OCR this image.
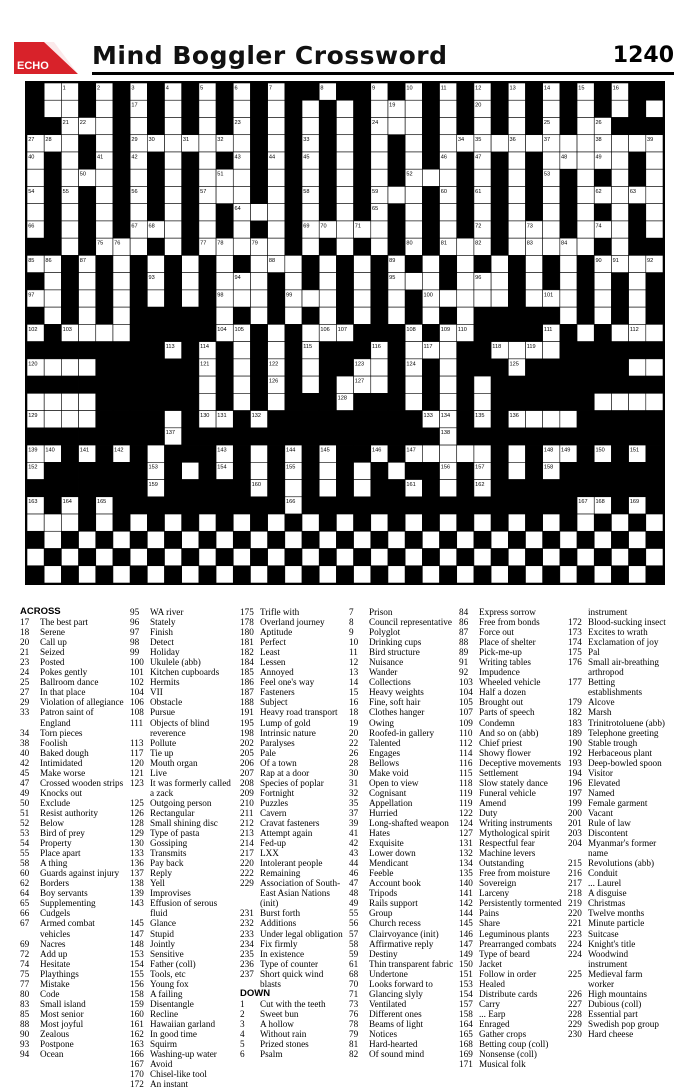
ECHO Mind Boggler Crossword	1240
1	2	3	4	5	6	7	8	9	10	11	12	13	14	15	16
17	19	20
21 22	23	24	25	26
27 28	29 30	31	32	33	34 35	36	37	38	39
40	41	42	43	44	45	46	47	48	49
50	51	52	53
54	55	56	57	58	59	60	61	62	63
64	65
66	67 68	69 70	71	72	73	74
75 76	77 78	79	80	81	82	83	84
85 86	87	88	89	90 91	92
93	94	95	96
97	98	99	100	101
102	103	104 105	106 107	108	109 110	111	112
113	114	115	116	117	118	119
120	121	122	123	124	125
126	127
128
129	130 131	132	133 134	135	136
137	138
139 140	141	142	143	144	145	146	147	148 149	150	151
152	153	154	155	156	157	158
159	160	161	162
163	164	165	166	167 168	169
ACROSS
17	The best part
18	Serene
20	Call up
21	Seized
23	Posted
24	Pokes gently
25	Ballroom dance
27	In that place
29	Violation of allegiance
33	Patron saint of England
34	Torn pieces
38	Foolish
40	Baked dough
42	Intimidated
45	Make worse
47	Crossed wooden strips
49	Knocks out
50	Exclude
51	Resist authority
52	Below
53	Bird of prey
54	Property
55	Place apart
58	A thing
60	Guards against injury
62	Borders
64	Boy servants
65	Supplementing
66	Cudgels
67	Armed combat vehicles
69	Nacres
72	Add up
74	Hesitate
75	Playthings
77	Mistake
80	Code
83	Small island
85	Most senior
88	Most joyful
90	Zealous
93	Postpone
94	Ocean
95	WA river
96	Stately
97	Finish
98	Detect
99	Holiday
100 Ukulele (abb)
101 Kitchen cupboards
102 Hermits
104 VII
106 Obstacle
108 Pursue
111 Objects of blind reverence
113 Pollute
117 Tie up
120 Mouth organ
121 Live
123 It was formerly called a zack
125 Outgoing person
126 Rectangular
128 Small shining disc
129 Type of pasta
130 Gossiping
133 Transmits
136 Pay back
137 Reply
138 Yell
139 Improvises
143 Effusion of serous fluid
145 Glance
147 Stupid
148 Jointly
153 Sensitive
154 Father (coll)
155 Tools, etc
156 Young fox
158 A failing
159 Disentangle
160 Recline
161 Hawaiian garland
162 In good time
163 Squirm
166 Washing-up water
167 Avoid
170 Chisel-like tool
172 An instant
175 Trifle with
178 Overland journey
180 Aptitude
181 Perfect
182 Least
184 Lessen
185 Annoyed
186 Feel one's way
187 Fasteners
188 Subject
191 Heavy road transport
195 Lump of gold
198 Intrinsic nature
202 Paralyses
205 Pale
206 Of a town
207 Rap at a door
208 Species of poplar
209 Fortnight
210 Puzzles
211 Cavern
212 Cravat fasteners
213 Attempt again
214 Fed-up
217 LXX
220 Intolerant people
222 Remaining
229 Association of South-East Asian Nations (init)
231 Burst forth
232 Additions
233 Under legal obligation
234 Fix firmly
235 In existence
236 Type of counter
237 Short quick wind blasts
DOWN
1	Cut with the teeth
2	Sweet bun
3	A hollow
4	Without rain
5	Prized stones
6	Psalm
7	Prison
8	Council representative
9	Polyglot
10	Drinking cups
11	Bird structure
12	Nuisance
13	Wander
14	Collections
15	Heavy weights
16	Fine, soft hair
18	Clothes hanger
19	Owing
20	Roofed-in gallery
22	Talented
26	Engages
28	Bellows
30	Make void
31	Open to view
32	Cognisant
35	Appellation
37	Hurried
39	Long-shafted weapon
41	Hates
42	Exquisite
43	Lower down
44	Mendicant
46	Feeble
47	Account book
48	Tripods
49	Rails support
55	Group
56	Church recess
57	Clairvoyance (init)
58	Affirmative reply
59	Destiny
61	Thin transparent fabric
68	Undertone
70	Looks forward to
71	Glancing slyly
73	Ventilated
76	Different ones
78	Beams of light
79	Notices
81	Hard-hearted
82	Of sound mind
84	Express sorrow
86	Free from bonds
87	Force out
88	Place of shelter
89	Pick-me-up
91	Writing tables
92	Impudence
103 Wheeled vehicle
104 Half a dozen
105 Brought out
107 Parts of speech
109 Condemn
110 And so on (abb)
112 Chief priest
114 Showy flower
116 Deceptive movements
115 Settlement
118 Slow stately dance
119 Funeral vehicle
119 Amend
122 Duty
124 Writing instruments
127 Mythological spirit
131 Respectful fear
132 Machine levers
134 Outstanding
135 Free from moisture
140 Sovereign
141 Larceny
142 Persistently tormented
144 Pains
145 Share
146 Leguminous plants
147 Prearranged combats
149 Type of beard
150 Jacket
151 Follow in order
153 Healed
154 Distribute cards
157 Carry
158 ... Earp
164 Enraged
165 Gather crops
168 Betting coup (coll)
169 Nonsense (coll)
171 Musical folk
instrument
172 Blood-sucking insect
173 Excites to wrath
174 Exclamation of joy
175 Pal
176 Small air-breathing arthropod
177 Betting establishments
179 Alcove
182 Marsh
183 Trinitrotoluene (abb)
189 Telephone greeting
190 Stable trough
192 Herbaceous plant
193 Deep-bowled spoon
194 Visitor
196 Elevated
197 Named
199 Female garment
200 Vacant
201 Rule of law
203 Discontent
204 Myanmar's former name
215 Revolutions (abb)
216 Conduit
217 ... Laurel
218 A disguise
219 Christmas
220 Twelve months
221 Minute particle
223 Suitcase
224 Knight's title
224 Woodwind instrument
225 Medieval farm worker
226 High mountains
227 Dubious (coll)
228 Essential part
229 Swedish pop group
230 Hard cheese
